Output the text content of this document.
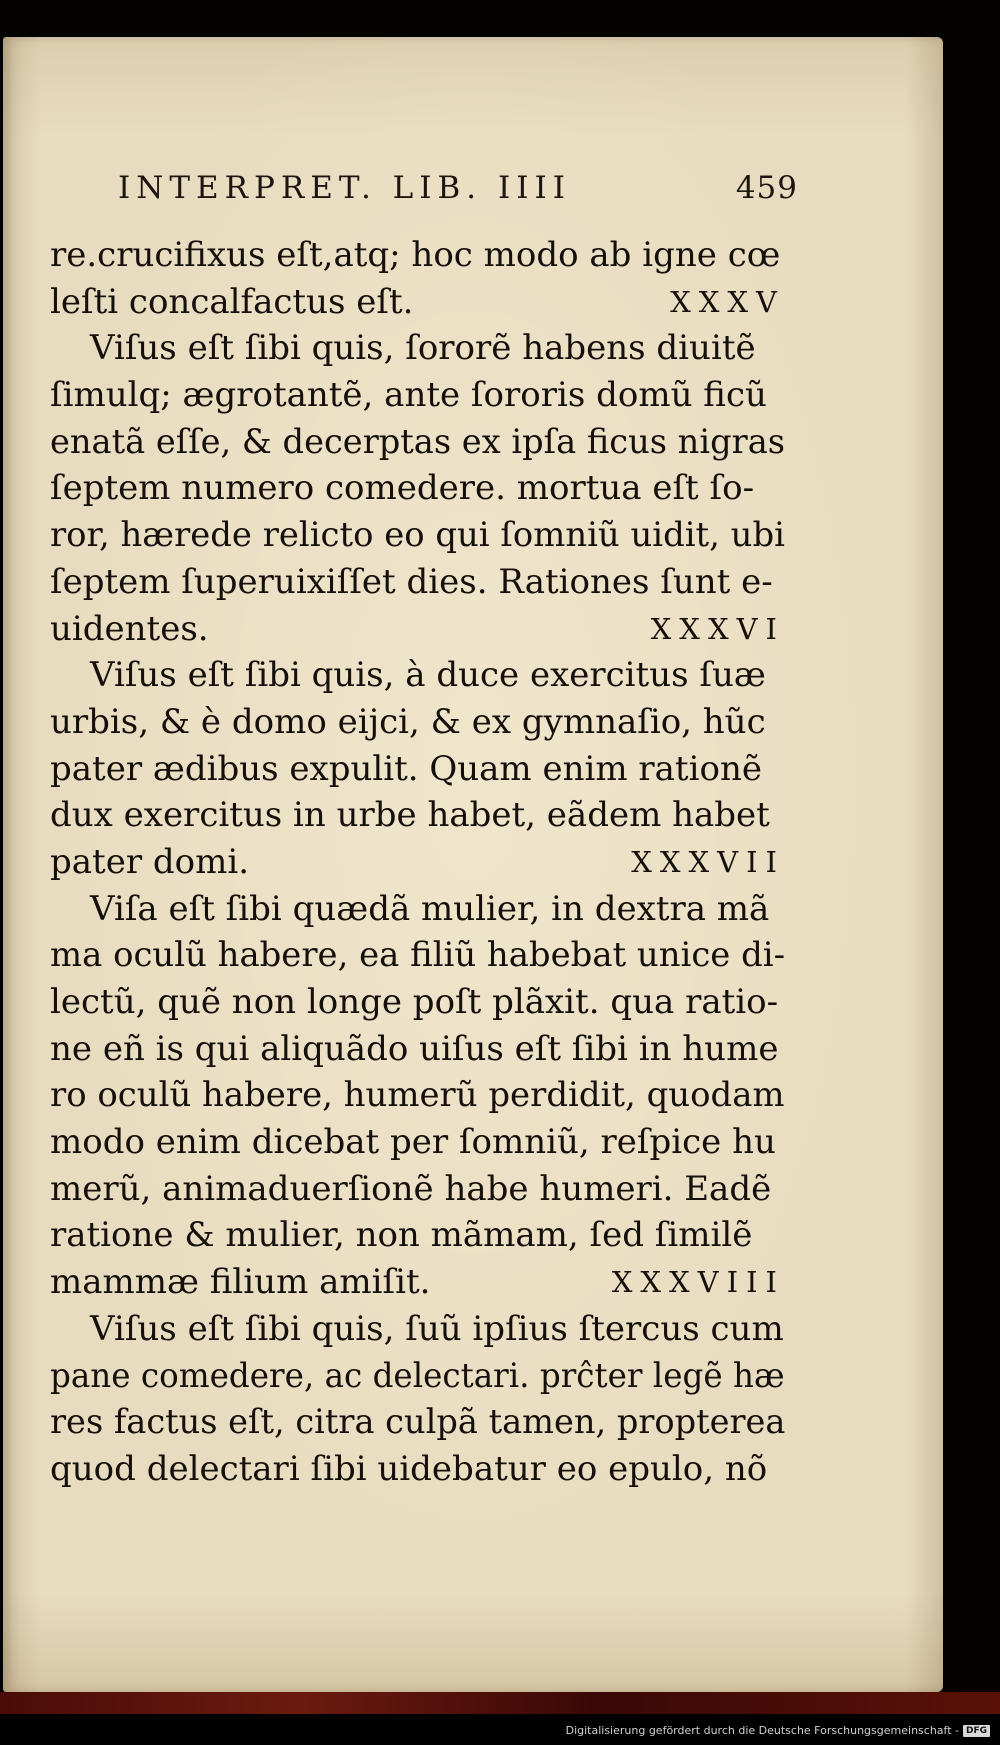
INTERPRET. LIB. IIII	459
re.crucifixus eſt,atq; hoc modo ab igne cœ
leſti concalfactus eſt.	XXXV
Viſus eſt ſibi quis, ſororẽ habens diuitẽ
ſimulq; ægrotantẽ, ante ſororis domũ ficũ
enatã eſſe, & decerptas ex ipſa ficus nigras
ſeptem numero comedere. mortua eſt ſo-
ror, hærede relicto eo qui ſomniũ uidit, ubi
ſeptem ſuperuixiſſet dies. Rationes ſunt e-
uidentes.	XXXVI
Viſus eſt ſibi quis, à duce exercitus ſuæ
urbis, & è domo eijci, & ex gymnaſio, hũc
pater ædibus expulit. Quam enim rationẽ
dux exercitus in urbe habet, eãdem habet
pater domi.	XXXVII
Viſa eſt ſibi quædã mulier, in dextra mã
ma oculũ habere, ea filiũ habebat unice di-
lectũ, quẽ non longe poſt plãxit. qua ratio-
ne eñ is qui aliquãdo uiſus eſt ſibi in hume
ro oculũ habere, humerũ perdidit, quodam
modo enim dicebat per ſomniũ, reſpice hu
merũ, animaduerſionẽ habe humeri. Eadẽ
ratione & mulier, non mãmam, ſed ſimilẽ
mammæ filium amiſit.	XXXVIII
Viſus eſt ſibi quis, ſuũ ipſius ſtercus cum
pane comedere, ac delectari. prĉter legẽ hæ
res factus eſt, citra culpã tamen, propterea
quod delectari ſibi uidebatur eo epulo, nõ
Digitalisierung gefördert durch die Deutsche Forschungsgemeinschaft - DFG
